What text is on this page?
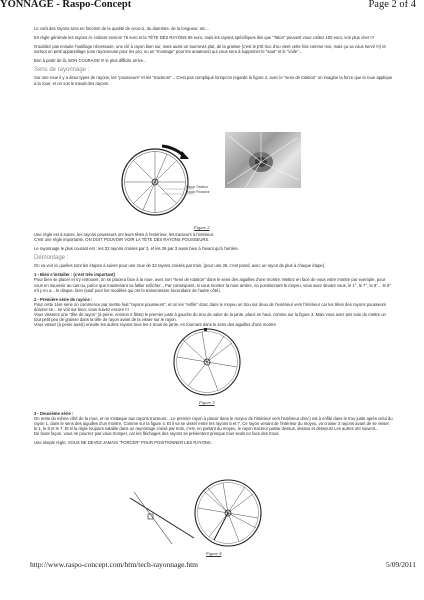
YONNAGE - Raspo-Concept	Page 2 of 4

Le coût des rayons sera en fonction de la qualité de ceux-ci, du diamètre, de la longueur, etc...

En règle générale les rayons Ar coûtent environ 75 euro et la TÊTE DES RAYONS 85 euro, mais les rayons spécifiques liés que "Talon" pouvent vous coûter 100 euro, voir plus cher !!!

N'oubliez pas ensuite l'outillage nécessaire, une clé à rayon bien sur, mais aussi un tournevis plat, de la graisse (c'est le p'tit truc d'ou vient cette fois comme moi, mais ça va vous servir !!!) et surtout un petit appareillage (une rayonneuse pour les pro, ou un "montage" pour les amateurs) qui vous sera à supprimer le "saut" et le "voile"...

Bon à partir de là, BON COURAGE !!! le plus difficile arrive...

Sens de rayonnage :

Sur une roue il y a deux types de rayons, les "pousseurs" et les "tracteurs"... C'est pas compliqué lorsqu'on regarde la figure 2, avec le "sens de rotation" on imagine la force que la roue applique à la roue, et on voit le travail des rayons.

Rayon Tracteur
Rayon Pousseur
Figure 2

Une règle est à suivre, les rayons pousseurs ont leurs têtes à l'extérieur, les tracteurs à l'intérieur.

C'est une règle importante, ON DOIT POUVOIR VOIR LA TÊTE DES RAYONS POUSSEURS.

Le rayonnage le plus courant est : les 32 rayons croisés par 3, et les 36 par 3 aussi bien à l'avant qu'à l'arrière.

Démontage :

On va voir ici quelles sont les étapes à suivre pour une roue de 32 rayons croisés par trois. (pour une 36, c'est pareil, avec un rayon de plus à chaque étape).

1 - Bien s'installer : (c'est très important)

Pour bien se placer et s'y retrouver, on se placera face à la roue, avec son "sens de rotation" dans le sens des aiguilles d'une montre. Mettez en face de vous votre montre par exemple, pour vous en souvenir au cas ou, parce que maintenant va falloir enficher... Par conséquent, si vous montez la roue arrière, en positionnant le moyeu, vous avez devant vous, le 1°, le 7°, le 8°... le 9° s'il y en a... le disque, bien (sauf pour les modèles qui ont la transmission secondaire de l'autre côté).

2 - Première série de rayons :

Pour cette 1ère série on commence par mettre huit "rayons pousseurs", et on les "enfile" donc dans le moyeu un trou sur deux de l'extérieur vers l'intérieur car les têtes des rayons pousseurs doivent se... se voit sur bien, vous suivez encore !!!

Vous visserez une "tête de rayon" (à peine, environ 2 filets) le premier juste à gauche du trou de valve de la jante, placé en haut, comme sur la figure 3. Mais vous avez pris soin de mettre un tout petit peu de graisse dans la tête de rayon avant de la visser sur le rayon.

Vous vissez (à peine aussi) ensuite les autres rayons tous les 4 trous de jante, en tournant dans le sens des aiguilles d'une montre.

Figure 3

3 - Deuxième série :

On reste du même côté de la roue, et on s'attaque aux rayons tracteurs... Le premier rayon à placer dans le moyeu de l'intérieur vers l'extérieur donc) est à enfilé dans le trou juste après celui du rayon 1, dans le sens des aiguilles d'un montre. Comme sur la figure 4. Et il va se visser entre les rayons 6 et 7. Ce rayon venant de l'intérieur du moyeu, va croiser 3 rayons avant de se visser, le 1, le 8 et le 7. Et si la règle toujours valable dans un rayonnage croisé par trois, c'est, en partant du moyeu, le rayon tracteur passe dessus, dessus et dessous! Les autres ont suivent...

De toute façon, vous ne pourrez pas vous tromper, car les fléchages des rayons se présentent presque tous seuls en face des trous.

Une simple règle, VOUS NE DEVEZ JAMAIS "FORCER" POUR POSITIONNER LES RAYONS.

Figure 4
http://www.raspo-concept.com/htm/tech-rayonnage.htm	5/09/2011
